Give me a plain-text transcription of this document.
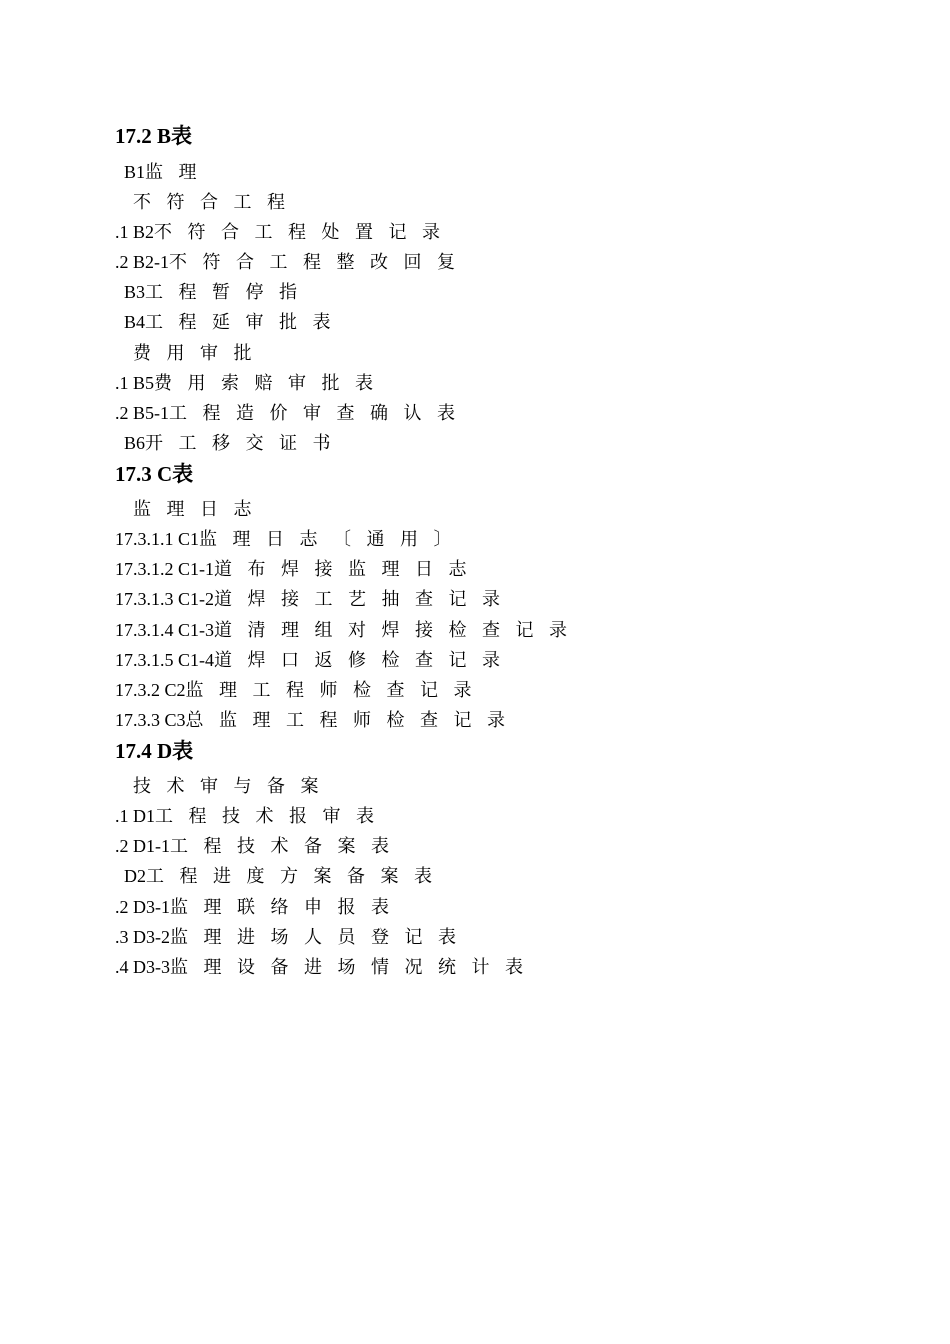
17.2 B表
B1监理
不符合工程
.1 B2不符合工程处置记录
.2 B2-1不符合工程整改回复
B3工程暂停指
B4工程延审批表
费用审批
.1 B5费用索赔审批表
.2 B5-1工程造价审查确认表
B6开工移交证书
17.3 C表
监理日志
17.3.1.1 C1监理日志〔通用〕
17.3.1.2 C1-1道布焊接监理日志
17.3.1.3 C1-2道焊接工艺抽查记录
17.3.1.4 C1-3道清理组对焊接检查记录
17.3.1.5 C1-4道焊口返修检查记录
17.3.2 C2监理工程师检查记录
17.3.3 C3总监理工程师检查记录
17.4 D表
技术审与备案
.1 D1工程技术报审表
.2 D1-1工程技术备案表
D2工程进度方案备案表
.2 D3-1监理联络申报表
.3 D3-2监理进场人员登记表
.4 D3-3监理设备进场情况统计表
